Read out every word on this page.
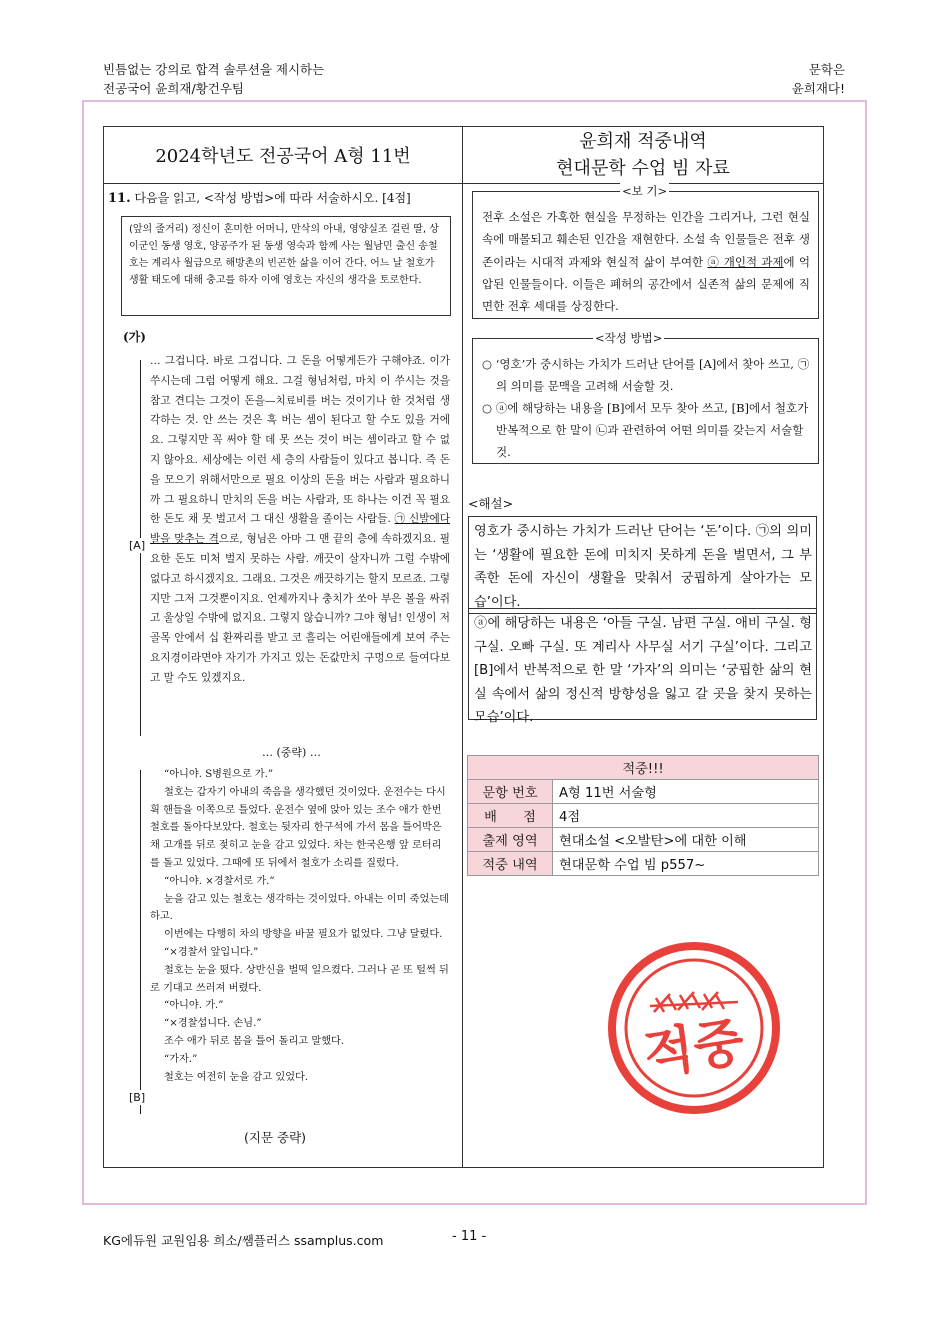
빈틈없는 강의로 합격 솔루션을 제시하는
전공국어 윤희재/황건우팀
문학은
윤희재다!
2024학년도 전공국어 A형 11번
윤희재 적중내역
현대문학 수업 빔 자료
11. 다음을 읽고, <작성 방법>에 따라 서술하시오. [4점]
(앞의 줄거리) 정신이 혼미한 어머니, 만삭의 아내, 영양실조 걸린 딸, 상이군인 동생 영호, 양공주가 된 동생 영숙과 함께 사는 월남민 출신 송철호는 계리사 월급으로 해방촌의 빈곤한 삶을 이어 간다. 어느 날 철호가 생활 태도에 대해 충고를 하자 이에 영호는 자신의 생각을 토로한다.
(가)
[A]
… 그겁니다. 바로 그겁니다. 그 돈을 어떻게든가 구해야죠. 이가 쑤시는데 그럼 어떻게 해요. 그걸 형님처럼, 마치 이 쑤시는 것을 참고 견디는 그것이 돈을—치료비를 버는 것이기나 한 것처럼 생각하는 것. 안 쓰는 것은 혹 버는 셈이 된다고 할 수도 있을 거에요. 그렇지만 꼭 써야 할 데 못 쓰는 것이 버는 셈이라고 할 수 없지 않아요. 세상에는 이런 세 층의 사람들이 있다고 봅니다. 즉 돈을 모으기 위해서만으로 필요 이상의 돈을 버는 사람과 필요하니까 그 필요하니 만치의 돈을 버는 사람과, 또 하나는 이건 꼭 필요한 돈도 채 못 벌고서 그 대신 생활을 졸이는 사람들. ㉠ 신발에다 발을 맞추는 격으로, 형님은 아마 그 맨 끝의 층에 속하겠지요. 필요한 돈도 미처 벌지 못하는 사람. 깨끗이 살자니까 그럴 수밖에 없다고 하시겠지요. 그래요. 그것은 깨끗하기는 할지 모르죠. 그렇지만 그저 그것뿐이지요. 언제까지나 충치가 쏘아 부은 볼을 싸쥐고 울상일 수밖에 없지요. 그렇지 않습니까? 그야 형님! 인생이 저 골목 안에서 십 환짜리를 받고 코 흘리는 어린애들에게 보여 주는 요지경이라면야 자기가 가지고 있는 돈값만치 구멍으로 들여다보고 말 수도 있겠지요.
… (중략) …
[B]

“아니야. S병원으로 가.”

철호는 갑자기 아내의 죽음을 생각했던 것이었다. 운전수는 다시 휙 핸들을 이쪽으로 틀었다. 운전수 옆에 앉아 있는 조수 애가 한번 철호를 돌아다보았다. 철호는 뒷자리 한구석에 가서 몸을 틀어박은 채 고개를 뒤로 젖히고 눈을 감고 있었다. 차는 한국은행 앞 로터리를 돌고 있었다. 그때에 또 뒤에서 철호가 소리를 질렀다.

“아니야. ×경찰서로 가.”

눈을 감고 있는 철호는 생각하는 것이었다. 아내는 이미 죽었는데 하고.

이번에는 다행히 차의 방향을 바꿀 필요가 없었다. 그냥 달렸다.

“×경찰서 앞입니다.”

철호는 눈을 떴다. 상반신을 벌떡 일으켰다. 그러나 곧 또 털썩 뒤로 기대고 쓰러져 버렸다.

“아니야. 가.”

“×경찰섭니다. 손님.”

조수 애가 뒤로 몸을 틀어 돌리고 말했다.

“가자.”

철호는 여전히 눈을 감고 있었다.

(지문 중략)
전후 소설은 가혹한 현실을 무정하는 인간을 그리거나, 그런 현실 속에 매몰되고 훼손된 인간을 재현한다. 소설 속 인물들은 전후 생존이라는 시대적 과제와 현실적 삶이 부여한 ⓐ 개인적 과제에 억압된 인물들이다. 이들은 폐허의 공간에서 실존적 삶의 문제에 직면한 전후 세대를 상징한다.
<보 기>
○ ‘영호’가 중시하는 가치가 드러난 단어를 [A]에서 찾아 쓰고, ㉠의 의미를 문맥을 고려해 서술할 것.
○ ⓐ에 해당하는 내용을 [B]에서 모두 찾아 쓰고, [B]에서 철호가 반복적으로 한 말이 ㉡과 관련하여 어떤 의미를 갖는지 서술할 것.
<작성 방법>
<해설>
영호가 중시하는 가치가 드러난 단어는 ‘돈’이다. ㉠의 의미는 ‘생활에 필요한 돈에 미치지 못하게 돈을 벌면서, 그 부족한 돈에 자신이 생활을 맞춰서 궁핍하게 살아가는 모습’이다.
ⓐ에 해당하는 내용은 ‘아들 구실. 남편 구실. 애비 구실. 형 구실. 오빠 구실. 또 계리사 사무실 서기 구실’이다. 그리고 [B]에서 반복적으로 한 말 ‘가자’의 의미는 ‘궁핍한 삶의 현실 속에서 삶의 정신적 방향성을 잃고 갈 곳을 찾지 못하는 모습’이다.
적중!!!	
문항 번호	A형 11번 서술형
배　　점	4점
출제 영역	현대소설 <오발탄>에 대한 이해
적중 내역	현대문학 수업 빔 p557~
적중
KG에듀원 교원임용 희소/쌤플러스 ssamplus.com	- 11 -
